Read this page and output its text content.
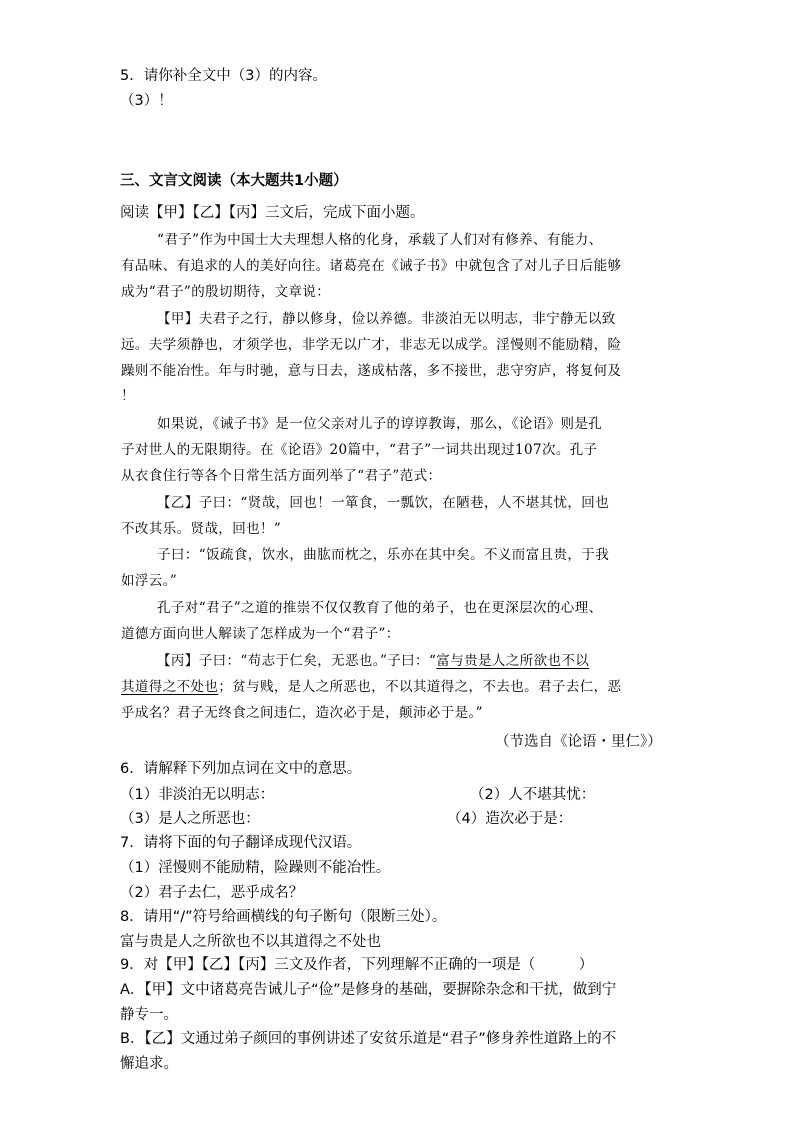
5．请你补全文中（3）的内容。
（3）！
三、文言文阅读（本大题共1小题）
阅读【甲】【乙】【丙】三文后，完成下面小题。
“君子”作为中国士大夫理想人格的化身，承载了人们对有修养、有能力、
有品味、有追求的人的美好向往。诸葛亮在《诫子书》中就包含了对儿子日后能够
成为“君子”的殷切期待，文章说：
【甲】夫君子之行，静以修身，俭以养德。非淡泊无以明志，非宁静无以致
远。夫学须静也，才须学也，非学无以广才，非志无以成学。淫慢则不能励精，险
躁则不能冶性。年与时驰，意与日去，遂成枯落，多不接世，悲守穷庐，将复何及
！
如果说，《诫子书》是一位父亲对儿子的谆谆教诲，那么，《论语》则是孔
子对世人的无限期待。在《论语》20篇中，“君子”一词共出现过107次。孔子
从衣食住行等各个日常生活方面列举了“君子”范式：
【乙】子曰：“贤哉，回也！一箪食，一瓢饮，在陋巷，人不堪其忧，回也
不改其乐。贤哉，回也！”
子曰：“饭疏食，饮水，曲肱而枕之，乐亦在其中矣。不义而富且贵，于我
如浮云。”
孔子对“君子”之道的推崇不仅仅教育了他的弟子，也在更深层次的心理、
道德方面向世人解读了怎样成为一个“君子”：
【丙】子曰：“苟志于仁矣，无恶也。”子曰：“富与贵是人之所欲也不以
其道得之不处也；贫与贱，是人之所恶也，不以其道得之，不去也。君子去仁，恶
乎成名？君子无终食之间违仁，造次必于是，颠沛必于是。”
（节选自《论语・里仁》）
6．请解释下列加点词在文中的意思。
（1）非淡泊无以明志：	（2）人不堪其忧：
（3）是人之所恶也：	（4）造次必于是：
7．请将下面的句子翻译成现代汉语。
（1）淫慢则不能励精，险躁则不能冶性。
（2）君子去仁，恶乎成名？
8．请用“/”符号给画横线的句子断句（限断三处）。
富与贵是人之所欲也不以其道得之不处也
9．对【甲】【乙】【丙】三文及作者，下列理解不正确的一项是（　　　）
A．【甲】文中诸葛亮告诫儿子“俭”是修身的基础，要摒除杂念和干扰，做到宁
静专一。
B．【乙】文通过弟子颜回的事例讲述了安贫乐道是“君子”修身养性道路上的不
懈追求。
